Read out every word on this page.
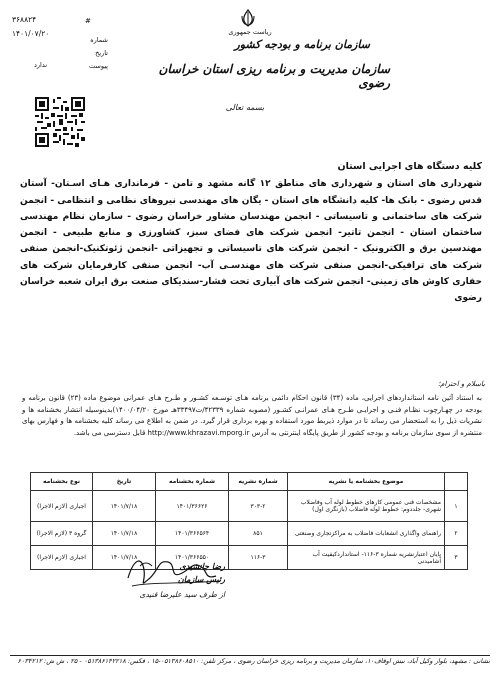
ریاست جمهوری
سازمان برنامه و بودجه کشور
سازمان مدیریت و برنامه ریزی استان خراسان رضوی
#
شماره
تاریخ
پیوست
۳۶۸۸۲۴
۱۴۰۱/۰۷/۲۰
ندارد
بسمه تعالی
کلیه دستگاه های اجرایی استان
شهرداری های استان و شهرداری های مناطق ۱۲ گانه مشهد و تامن - فرمانداری هـای اسـتان- آستان قدس رضوی - بانک ها- کلیه دانشگاه های استان - یگان های مهندسی نیروهای نظامی و انتظامی - انجمن شرکت های ساختمانی و تاسیساتی - انجمن مهندسان مشاور خراسان رضوی - سازمان نظام مهندسی ساختمان استان - انجمن تاتیر- انجمن شرکت های فضای سبز، کشاورزی و منابع طبیعی - انجمن مهندسین برق و الکترونیک - انجمن شرکت های تاسیساتی و تجهیزاتی -انجمن ژئوتکنیک-انجمن صنفی شرکت های ترافیکی-انجمن صنفی شرکت های مهندسـی آب- انجمن صنفی کارفرمایان شرکت های حفاری کاوش های زمینی- انجمن شرکت های آبیاری تحت فشار-سندیکای صنعت برق ایران شعبه خراسان رضوی
باسلام و احترام؛
به استناد آئین نامه استانداردهای اجرایی، ماده (۳۴) قانون احکام دائمی برنامه هـای توسـعه کشـور و طـرح هـای عمرانی موضوع ماده (۲۳) قانون برنامه و بودجه در چهـارچوب نظـام فنـی و اجرایـی طـرح هـای عمرانـی کشـور (مصوبه شماره ۴۲۳۳۹/ت۳۳۴۹۷هـ مورخ ۱۴۰۰/۰۴/۲۰)بدینوسیله انتشار بخشنامه ها و نشریات ذیل را به استحضار می رساند تا در موارد ذیربط مورد استفاده و بهره برداری قرار گیرد. در ضمن به اطلاع می رساند کلیه بخشنامه ها و فهارس بهای منتشره از سوی سازمان برنامه و بودجه کشور از طریق پایگاه اینترنتی به آدرس http://www.khrazavi.mporg.ir قابل دسترسی می باشد.
	موضوع بخشنامه یا نشریه	شماره نشریه	شماره بخشنامه	تاریخ	نوع بخشنامه
۱	مشخصات فنی عمومی کارهای خطوط لوله آب وفاضلاب شهری- جلددوم: خطوط لوله فاضلاب (بازنگری اول)	۳۰۳-۲	۱۴۰۱/۳۶۶۲۶	۱۴۰۱/۷/۱۸	اجباری (لازم الاجرا)
۲	راهنمای واگذاری انشعابات فاضلاب به مراکزتجاری وصنعتی	۸۵۱	۱۴۰۱/۳۶۶۵۶۴	۱۴۰۱/۷/۱۸	گروه ۳ (لازم الاجرا)
۳	پایان اعتبارنشریه شماره ۳-۱۱۶- استانداردکیفیت آب آشامیدنی	۱۱۶-۳	۱۴۰۱/۳۶۶۵۵۰	۱۴۰۱/۷/۱۸	اجباری (لازم الاجرا)
رضا جانشیدی
رئیس سازمان
از طرف سید علیرضا قنیدی
نشانی : مشهد، بلوار وکیل آباد، نبش اوقاف۱۰، سازمان مدیریت و برنامه ریزی خراسان رضوی ، مرکز تلفن: ۰۵۱۳۸۶۰۸۵۱۰-۱۵ ، فکس: ۰۵۱۳۸۶۱۴۲۲۱۸ - ۲۵ ، ش ش: ۶۰۳۴۲۱۲
